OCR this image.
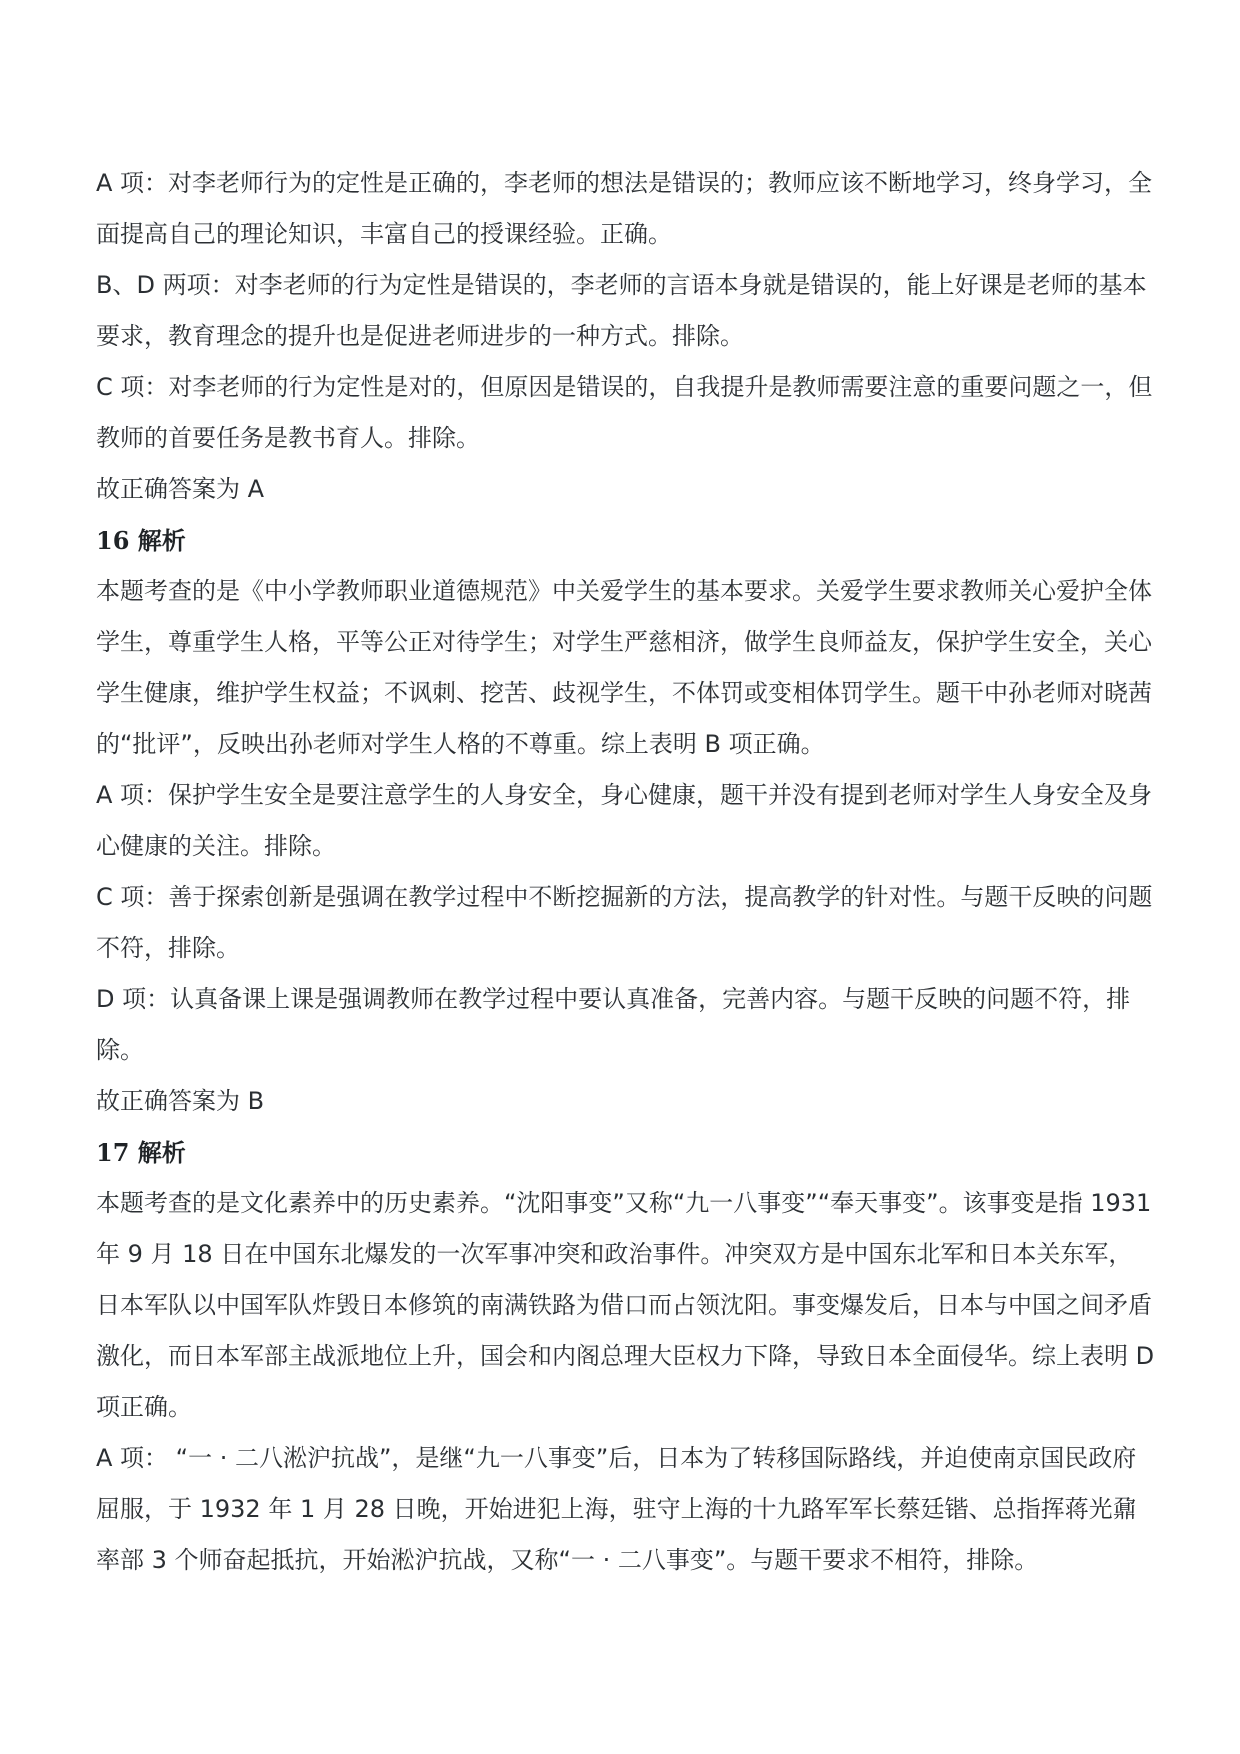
A 项：对李老师行为的定性是正确的，李老师的想法是错误的；教师应该不断地学习，终身学习，全面提高自己的理论知识，丰富自己的授课经验。正确。

B、D 两项：对李老师的行为定性是错误的，李老师的言语本身就是错误的，能上好课是老师的基本要求，教育理念的提升也是促进老师进步的一种方式。排除。

C 项：对李老师的行为定性是对的，但原因是错误的，自我提升是教师需要注意的重要问题之一，但教师的首要任务是教书育人。排除。

故正确答案为 A

16 解析

本题考查的是《中小学教师职业道德规范》中关爱学生的基本要求。关爱学生要求教师关心爱护全体学生，尊重学生人格，平等公正对待学生；对学生严慈相济，做学生良师益友，保护学生安全，关心学生健康，维护学生权益；不讽刺、挖苦、歧视学生，不体罚或变相体罚学生。题干中孙老师对晓茜的“批评”，反映出孙老师对学生人格的不尊重。综上表明 B 项正确。

A 项：保护学生安全是要注意学生的人身安全，身心健康，题干并没有提到老师对学生人身安全及身心健康的关注。排除。

C 项：善于探索创新是强调在教学过程中不断挖掘新的方法，提高教学的针对性。与题干反映的问题不符，排除。

D 项：认真备课上课是强调教师在教学过程中要认真准备，完善内容。与题干反映的问题不符，排除。

故正确答案为 B

17 解析

本题考查的是文化素养中的历史素养。“沈阳事变”又称“九一八事变”“奉天事变”。该事变是指 1931 年 9 月 18 日在中国东北爆发的一次军事冲突和政治事件。冲突双方是中国东北军和日本关东军，日本军队以中国军队炸毁日本修筑的南满铁路为借口而占领沈阳。事变爆发后，日本与中国之间矛盾激化，而日本军部主战派地位上升，国会和内阁总理大臣权力下降，导致日本全面侵华。综上表明 D 项正确。

A 项： “一 · 二八淞沪抗战”，是继“九一八事变”后，日本为了转移国际路线，并迫使南京国民政府屈服，于 1932 年 1 月 28 日晚，开始进犯上海，驻守上海的十九路军军长蔡廷锴、总指挥蒋光鼐率部 3 个师奋起抵抗，开始淞沪抗战，又称“一 · 二八事变”。与题干要求不相符，排除。
